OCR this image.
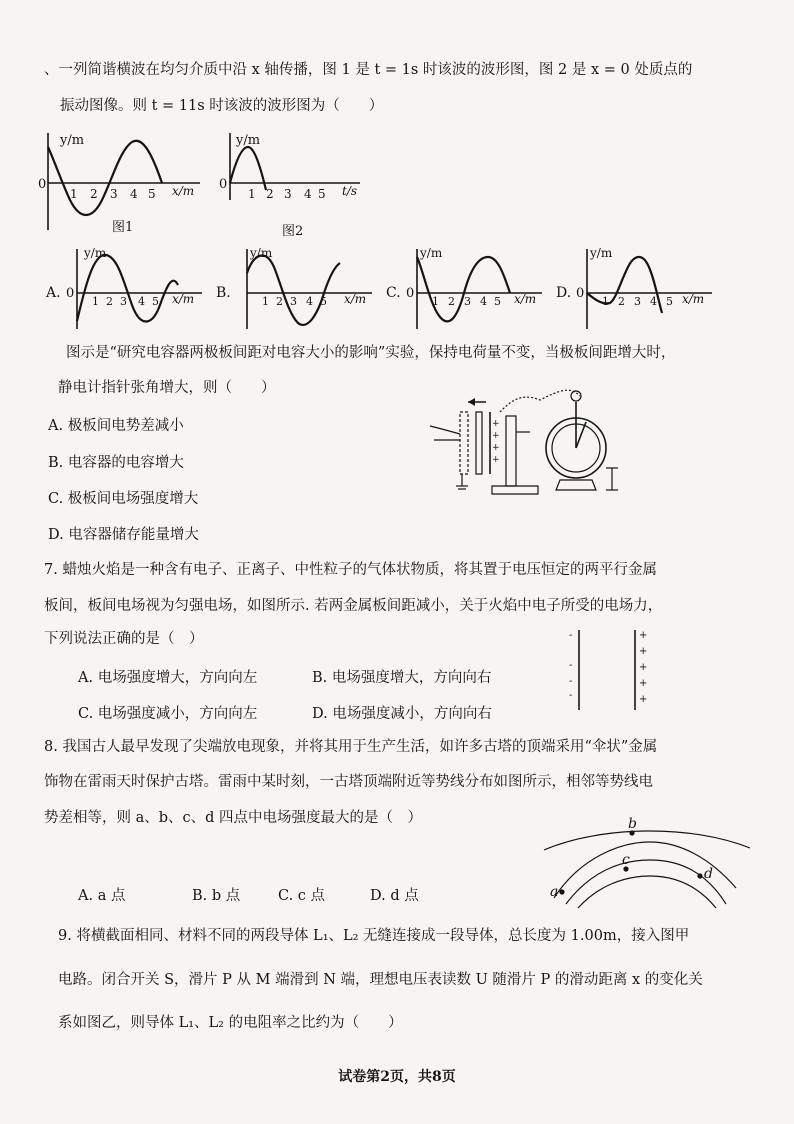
、一列简谐横波在均匀介质中沿 x 轴传播，图 1 是 t = 1s 时该波的波形图，图 2 是 x = 0 处质点的
振动图像。则 t = 11s 时该波的波形图为（　　）
y/m
0
1 2 3 4 5 x/m
图1
y/m
0
1 2 3 4 5 t/s
图2
A. 0
y/m
1 2 3 4 5 x/m B.
y/m
1 2 3 4 5 x/m C. 0
y/m
1 2 3 4 5 x/m D. 0
y/m
1 2 3 4 5 x/m
图示是“研究电容器两极板间距对电容大小的影响”实验，保持电荷量不变，当极板间距增大时，
静电计指针张角增大，则（　　）
A. 极板间电势差减小
B. 电容器的电容增大
C. 极板间电场强度增大
D. 电容器储存能量增大
+
+
+
+
7. 蜡烛火焰是一种含有电子、正离子、中性粒子的气体状物质，将其置于电压恒定的两平行金属
板间，板间电场视为匀强电场，如图所示. 若两金属板间距减小，关于火焰中电子所受的电场力，
下列说法正确的是（　）
A. 电场强度增大，方向向左	B. 电场强度增大，方向向右
C. 电场强度减小，方向向左	D. 电场强度减小，方向向右
-
-
-
-
+
+
+
+
+
8. 我国古人最早发现了尖端放电现象，并将其用于生产生活，如许多古塔的顶端采用“伞状”金属
饰物在雷雨天时保护古塔。雷雨中某时刻，一古塔顶端附近等势线分布如图所示，相邻等势线电
势差相等，则 a、b、c、d 四点中电场强度最大的是（　）
A. a 点	B. b 点	C. c 点	D. d 点
b
c
d
a
9. 将横截面相同、材料不同的两段导体 L₁、L₂ 无缝连接成一段导体，总长度为 1.00m，接入图甲
电路。闭合开关 S，滑片 P 从 M 端滑到 N 端，理想电压表读数 U 随滑片 P 的滑动距离 x 的变化关
系如图乙，则导体 L₁、L₂ 的电阻率之比约为（　　）
试卷第2页，共8页
